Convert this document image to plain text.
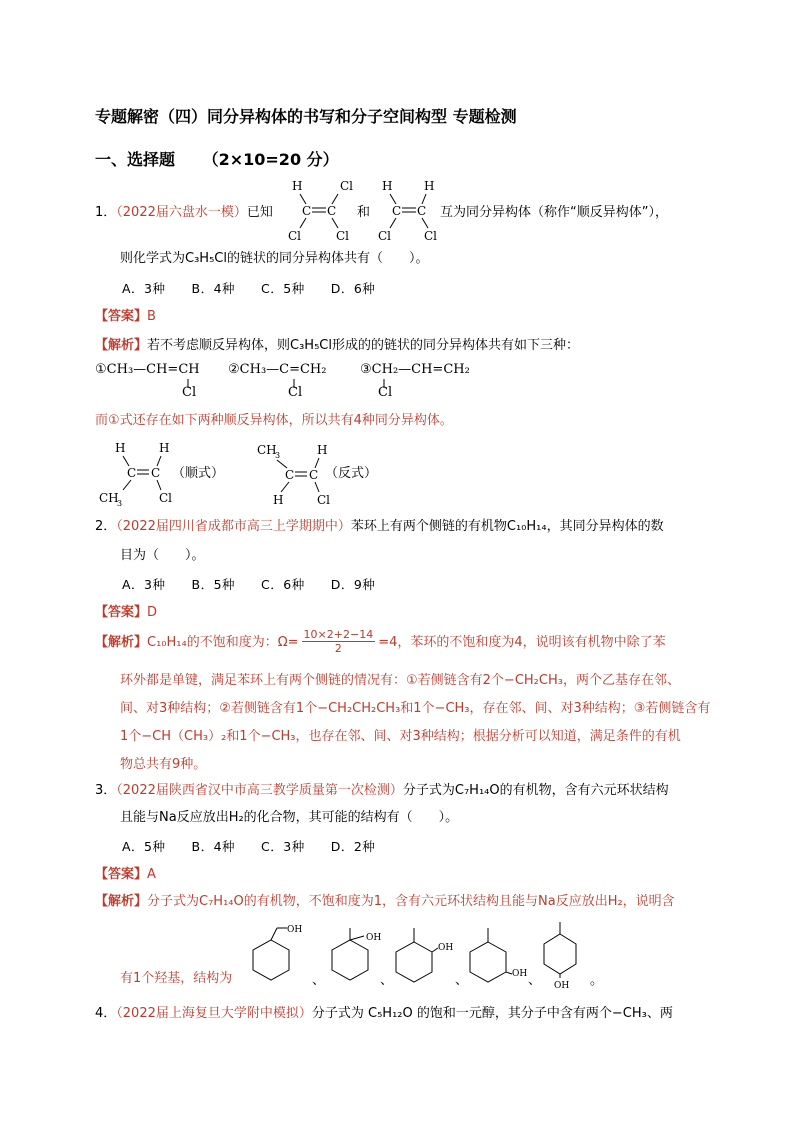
专题解密（四）同分异构体的书写和分子空间构型 专题检测
一、选择题 （2×10=20 分）
1．（2022届六盘水一模）已知	和	互为同分异构体（称作“顺反异构体”），
H	Cl
C C
Cl	Cl
H	H
C C
Cl	Cl
则化学式为C₃H₅Cl的链状的同分异构体共有（　　）。
A．3种　　B．4种　　C．5种　　D．6种
【答案】B
【解析】若不考虑顺反异构体，则C₃H₅Cl形成的的链状的同分异构体共有如下三种：
①CH₃—CH=CH ②CH₃—C=CH₂	③CH₂—CH=CH₂
Cl	Cl	Cl
而①式还存在如下两种顺反异构体，所以共有4种同分异构体。
H	H
C C
CH
3	Cl
（顺式）
CH
3	H
C C
H	Cl
（反式）
2．（2022届四川省成都市高三上学期期中）苯环上有两个侧链的有机物C₁₀H₁₄，其同分异构体的数
目为（　　）。
A．3种　　B．5种　　C．6种　　D．9种
【答案】D
【解析】C₁₀H₁₄的不饱和度为：$\Omega= \frac{10\times 2+2-14}{2} =4$，苯环的不饱和度为4，说明该有机物中除了苯
环外都是单键，满足苯环上有两个侧链的情况有：①若侧链含有2个−CH₂CH₃，两个乙基存在邻、
间、对3种结构；②若侧链含有1个−CH₂CH₂CH₃和1个−CH₃，存在邻、间、对3种结构；③若侧链含有
1个−CH（CH₃）₂和1个−CH₃，也存在邻、间、对3种结构；根据分析可以知道，满足条件的有机
物总共有9种。
3．（2022届陕西省汉中市高三教学质量第一次检测）分子式为C₇H₁₄O的有机物，含有六元环状结构
且能与Na反应放出H₂的化合物，其可能的结构有（　　）。
A．5种　　B．4种　　C．3种　　D．2种
【答案】A
【解析】分子式为C₇H₁₄O的有机物，不饱和度为1，含有六元环状结构且能与Na反应放出H₂，说明含
有1个羟基，结构为
OH
、
OH
、
OH
、	OH 、 OH 。
4．（2022届上海复旦大学附中模拟）分子式为 C₅H₁₂O 的饱和一元醇，其分子中含有两个−CH₃、两
